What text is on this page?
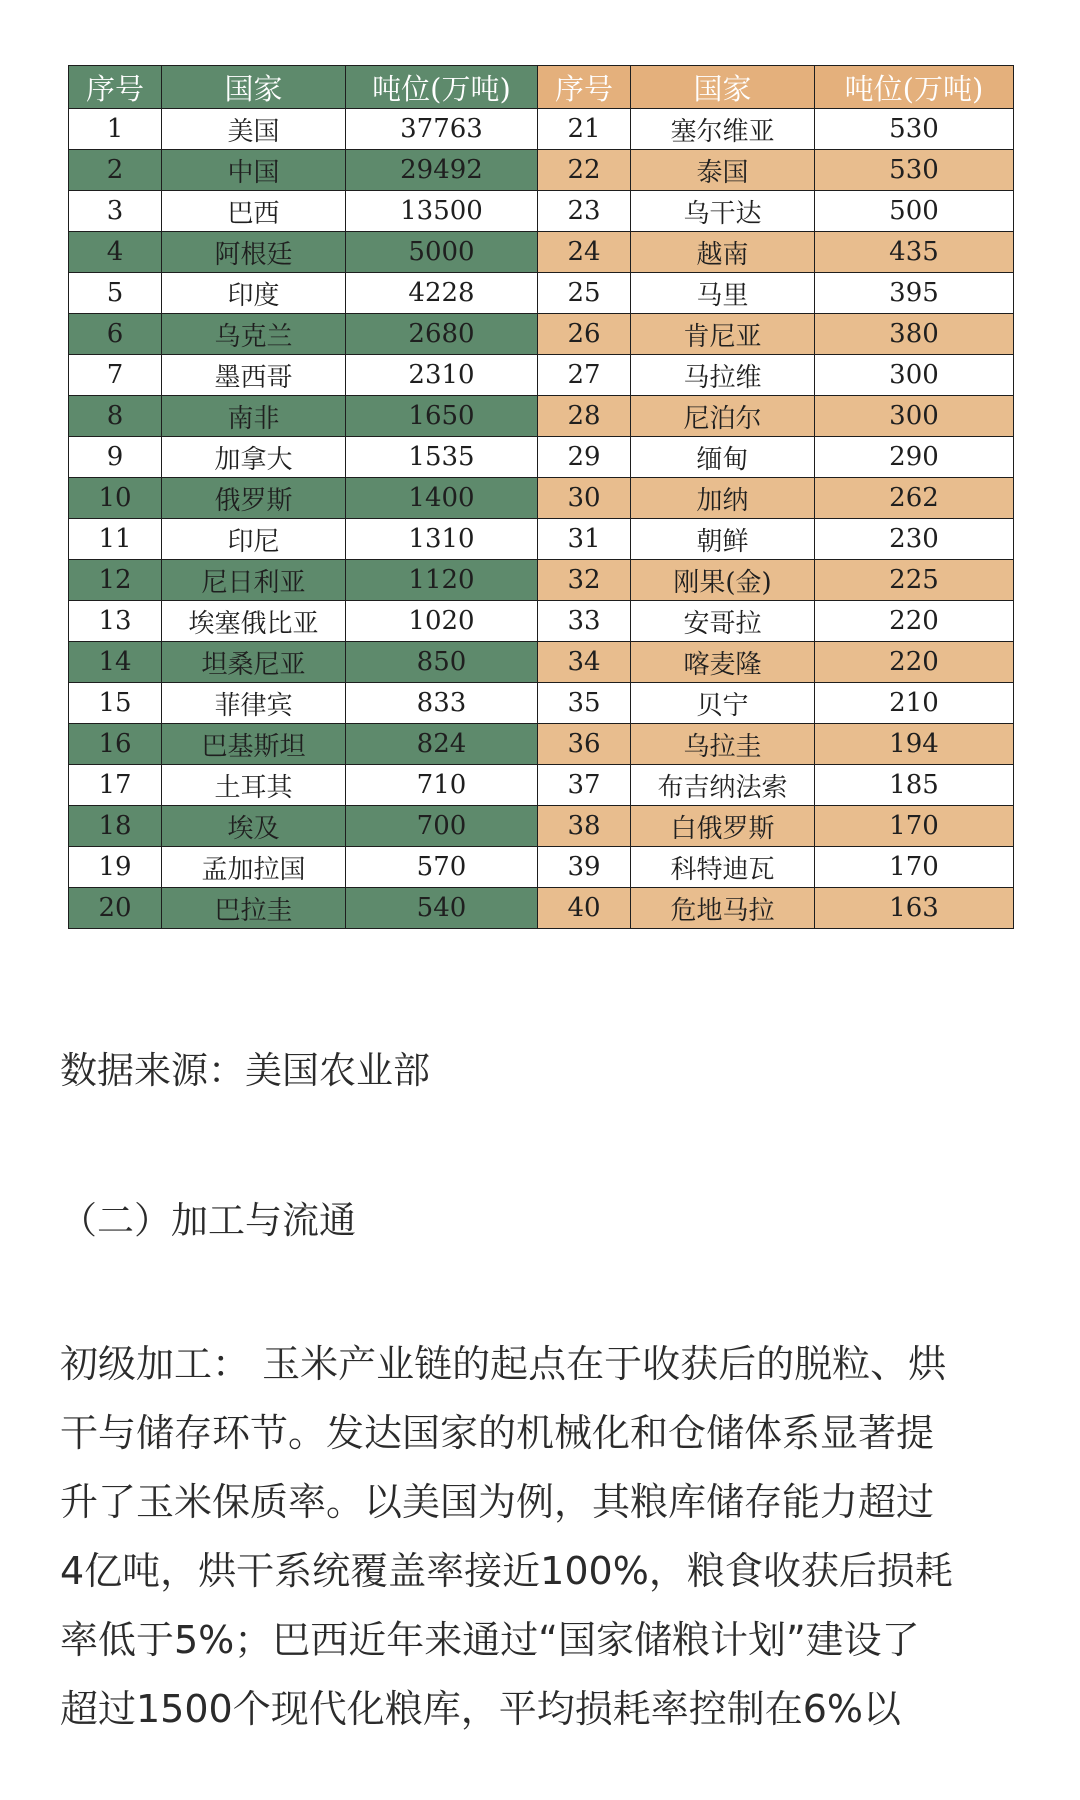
序号	国家	吨位(万吨)	序号	国家	吨位(万吨)
1	美国	37763	21	塞尔维亚	530
2	中国	29492	22	泰国	530
3	巴西	13500	23	乌干达	500
4	阿根廷	5000	24	越南	435
5	印度	4228	25	马里	395
6	乌克兰	2680	26	肯尼亚	380
7	墨西哥	2310	27	马拉维	300
8	南非	1650	28	尼泊尔	300
9	加拿大	1535	29	缅甸	290
10	俄罗斯	1400	30	加纳	262
11	印尼	1310	31	朝鲜	230
12	尼日利亚	1120	32	刚果(金)	225
13	埃塞俄比亚	1020	33	安哥拉	220
14	坦桑尼亚	850	34	喀麦隆	220
15	菲律宾	833	35	贝宁	210
16	巴基斯坦	824	36	乌拉圭	194
17	土耳其	710	37	布吉纳法索	185
18	埃及	700	38	白俄罗斯	170
19	孟加拉国	570	39	科特迪瓦	170
20	巴拉圭	540	40	危地马拉	163
数据来源：美国农业部
（二）加工与流通
初级加工： 玉米产业链的起点在于收获后的脱粒、烘
干与储存环节。发达国家的机械化和仓储体系显著提
升了玉米保质率。以美国为例，其粮库储存能力超过
4亿吨，烘干系统覆盖率接近100%，粮食收获后损耗
率低于5%；巴西近年来通过“国家储粮计划”建设了
超过1500个现代化粮库，平均损耗率控制在6%以
